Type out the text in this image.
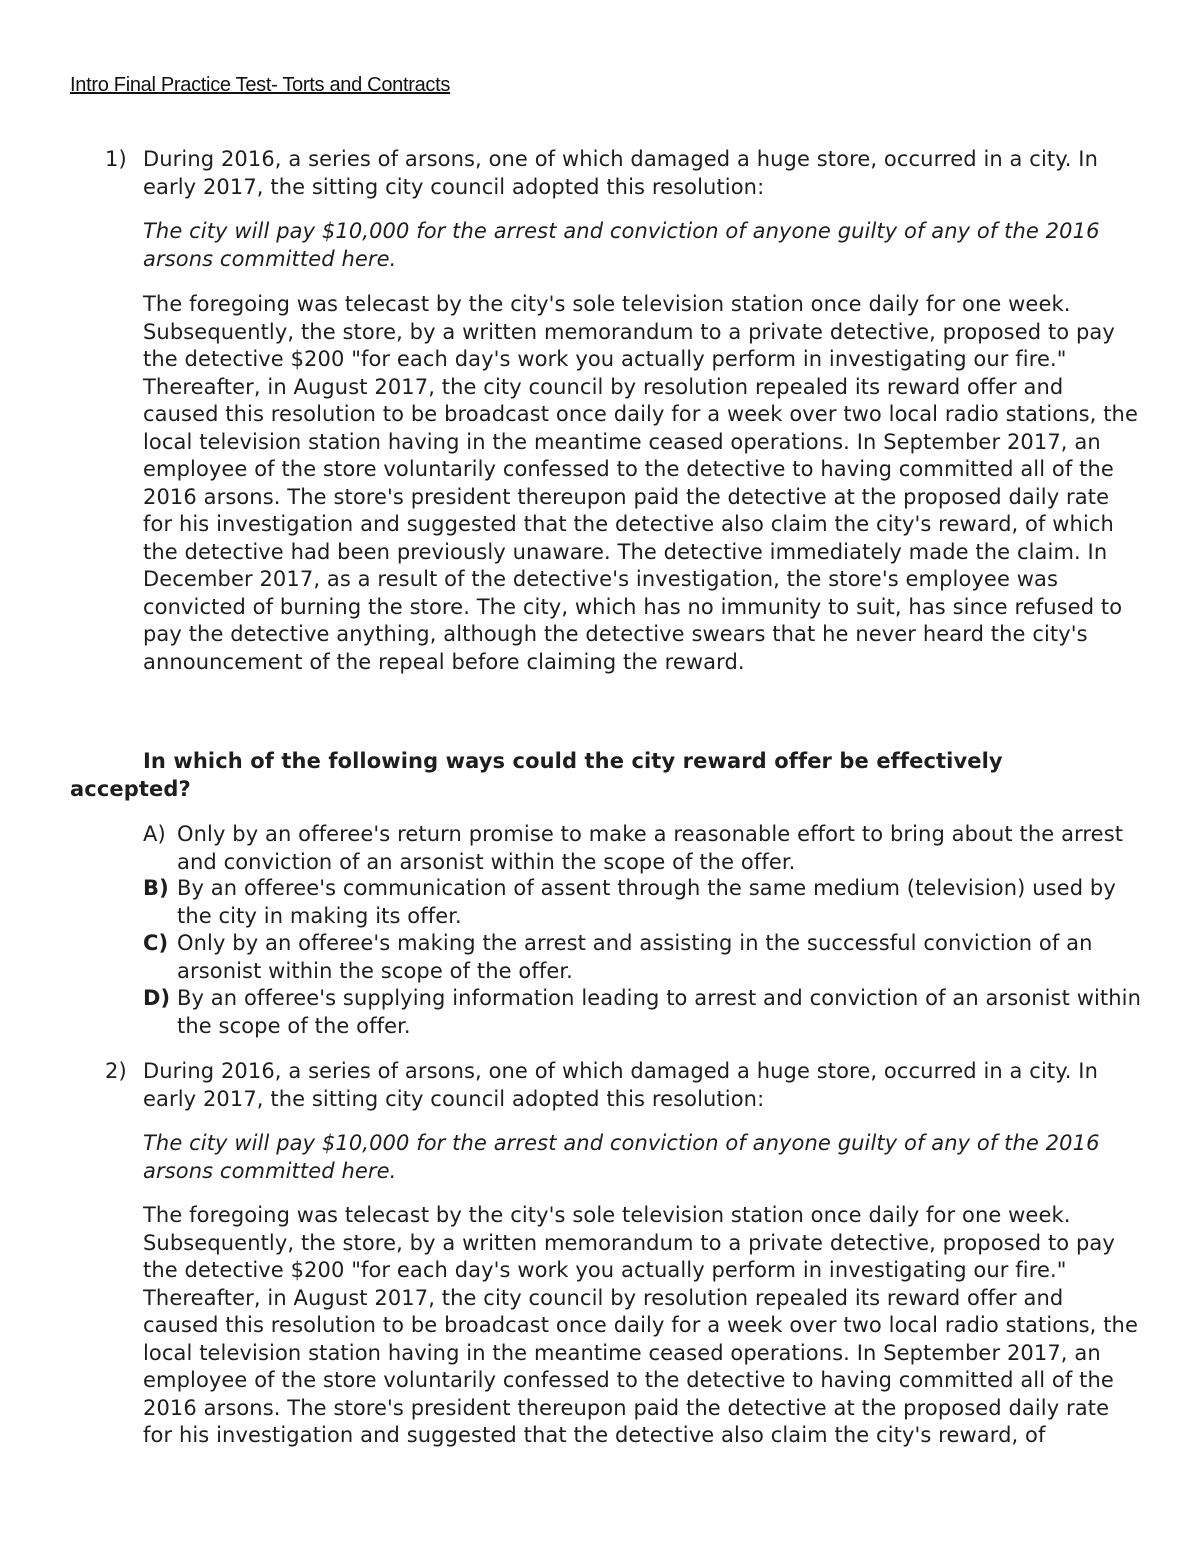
Intro Final Practice Test- Torts and Contracts
1) During 2016, a series of arsons, one of which damaged a huge store, occurred in a city. In early 2017, the sitting city council adopted this resolution:

The city will pay $10,000 for the arrest and conviction of anyone guilty of any of the 2016 arsons committed here.

The foregoing was telecast by the city's sole television station once daily for one week. Subsequently, the store, by a written memorandum to a private detective, proposed to pay the detective $200 "for each day's work you actually perform in investigating our fire." Thereafter, in August 2017, the city council by resolution repealed its reward offer and caused this resolution to be broadcast once daily for a week over two local radio stations, the local television station having in the meantime ceased operations. In September 2017, an employee of the store voluntarily confessed to the detective to having committed all of the 2016 arsons. The store's president thereupon paid the detective at the proposed daily rate for his investigation and suggested that the detective also claim the city's reward, of which the detective had been previously unaware. The detective immediately made the claim. In December 2017, as a result of the detective's investigation, the store's employee was convicted of burning the store. The city, which has no immunity to suit, has since refused to pay the detective anything, although the detective swears that he never heard the city's announcement of the repeal before claiming the reward.

In which of the following ways could the city reward offer be effectively accepted?

A) Only by an offeree's return promise to make a reasonable effort to bring about the arrest and conviction of an arsonist within the scope of the offer.
B) By an offeree's communication of assent through the same medium (television) used by the city in making its offer.
C) Only by an offeree's making the arrest and assisting in the successful conviction of an arsonist within the scope of the offer.
D) By an offeree's supplying information leading to arrest and conviction of an arsonist within the scope of the offer.
2) During 2016, a series of arsons, one of which damaged a huge store, occurred in a city. In early 2017, the sitting city council adopted this resolution:

The city will pay $10,000 for the arrest and conviction of anyone guilty of any of the 2016 arsons committed here.

The foregoing was telecast by the city's sole television station once daily for one week. Subsequently, the store, by a written memorandum to a private detective, proposed to pay the detective $200 "for each day's work you actually perform in investigating our fire." Thereafter, in August 2017, the city council by resolution repealed its reward offer and caused this resolution to be broadcast once daily for a week over two local radio stations, the local television station having in the meantime ceased operations. In September 2017, an employee of the store voluntarily confessed to the detective to having committed all of the 2016 arsons. The store's president thereupon paid the detective at the proposed daily rate for his investigation and suggested that the detective also claim the city's reward, of
